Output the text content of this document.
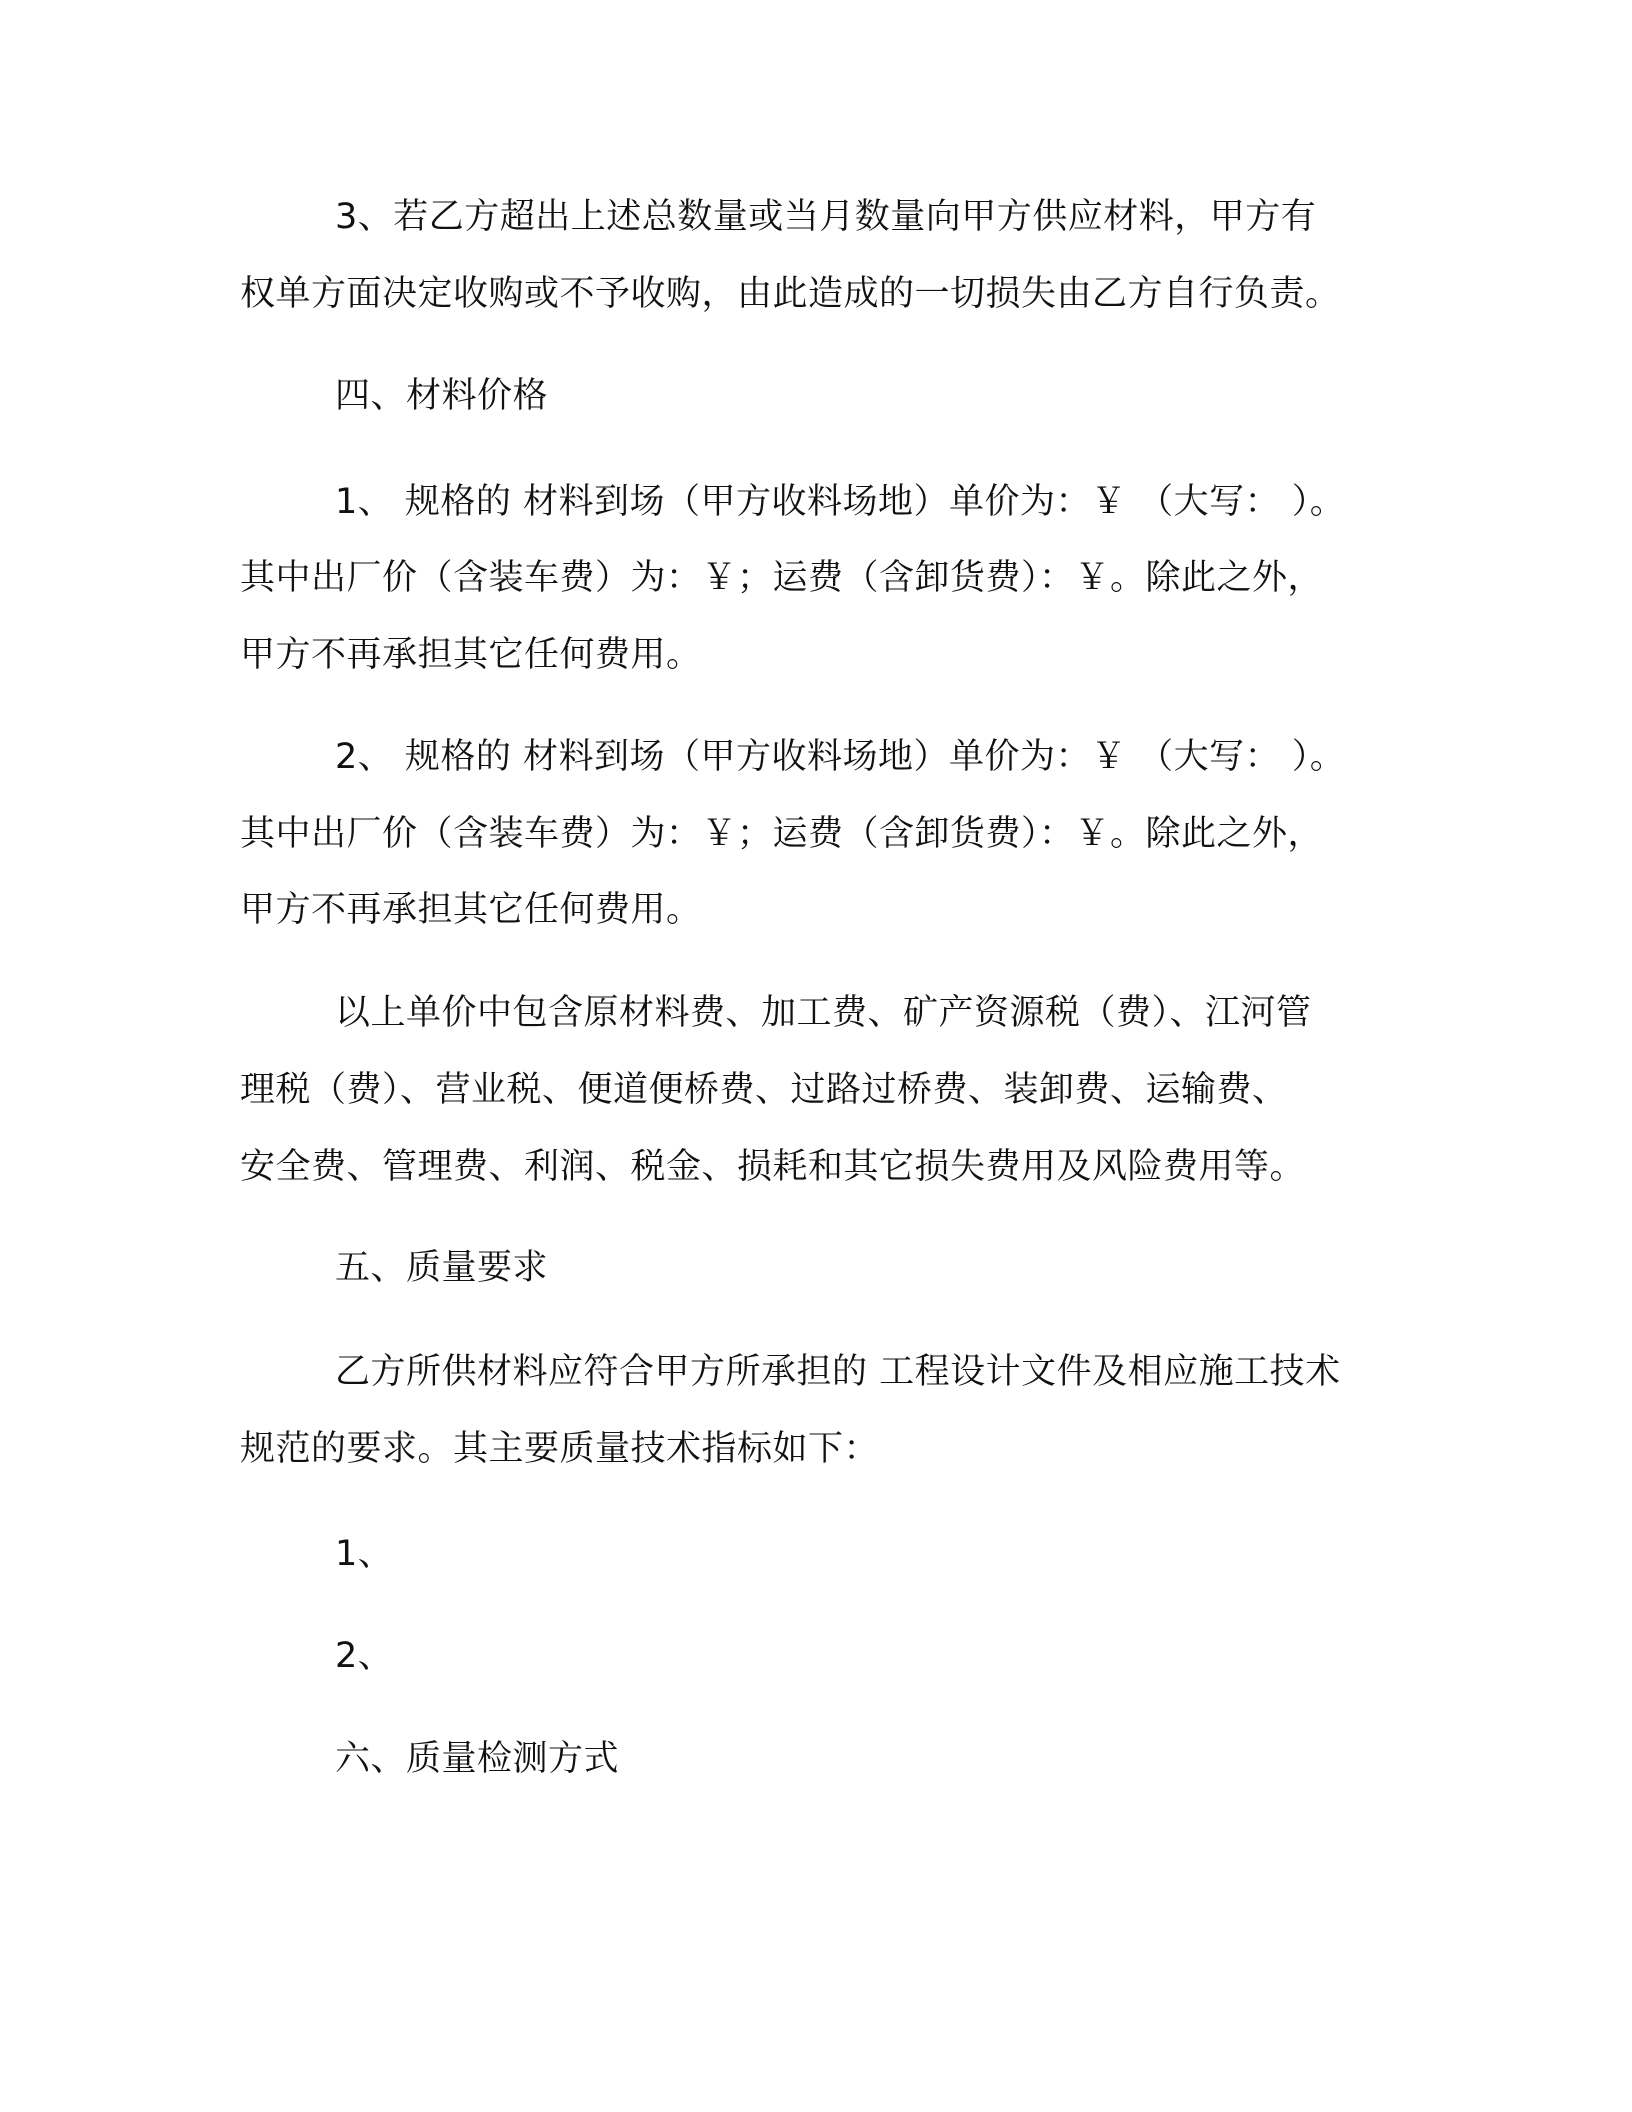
3、若乙方超出上述总数量或当月数量向甲方供应材料，甲方有
权单方面决定收购或不予收购，由此造成的一切损失由乙方自行负责。
四、材料价格
1、 规格的 材料到场（甲方收料场地）单价为：￥ （大写： ）。
其中出厂价（含装车费）为：￥；运费（含卸货费）：￥。除此之外，
甲方不再承担其它任何费用。
2、 规格的 材料到场（甲方收料场地）单价为：￥ （大写： ）。
其中出厂价（含装车费）为：￥；运费（含卸货费）：￥。除此之外，
甲方不再承担其它任何费用。
以上单价中包含原材料费、加工费、矿产资源税（费）、江河管
理税（费）、营业税、便道便桥费、过路过桥费、装卸费、运输费、
安全费、管理费、利润、税金、损耗和其它损失费用及风险费用等。
五、质量要求
乙方所供材料应符合甲方所承担的 工程设计文件及相应施工技术
规范的要求。其主要质量技术指标如下：
1、
2、
六、质量检测方式
